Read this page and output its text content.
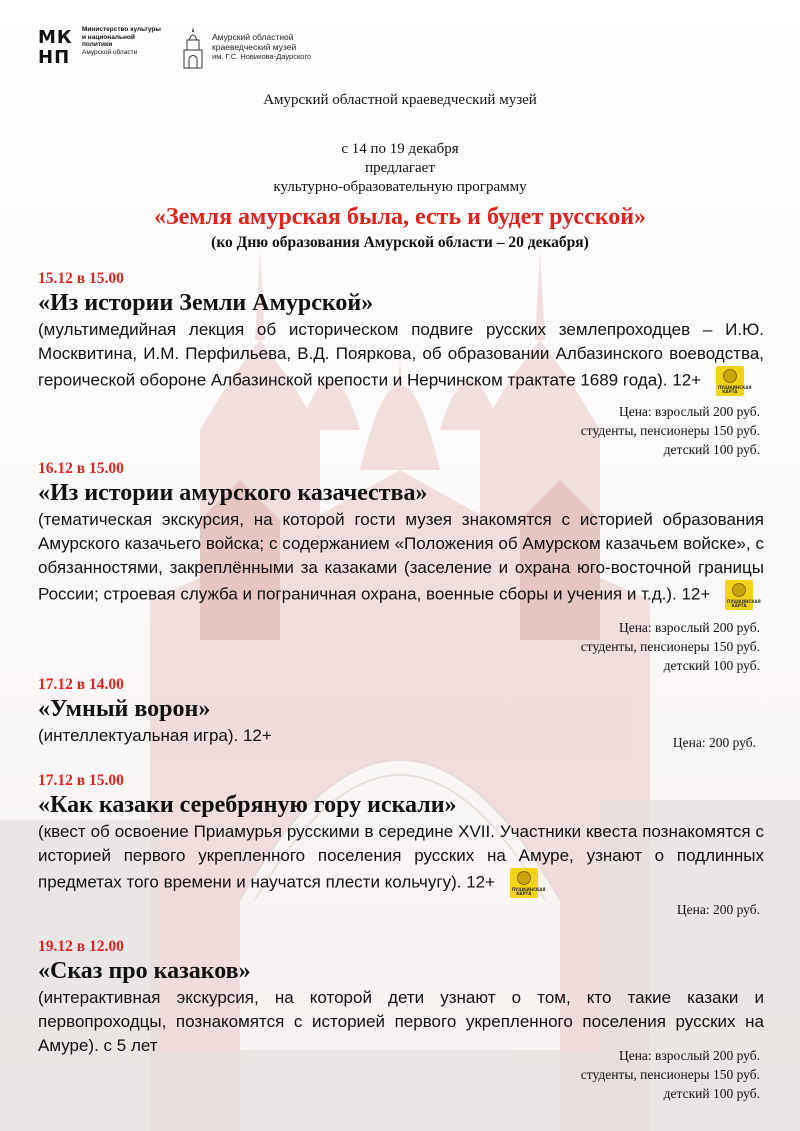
МК
НП
Министерство культуры и национальной политики
Амурской области
Амурский областной краеведческий музей
им. Г.С. Новикова-Даурского
Амурский областной краеведческий музей
с 14 по 19 декабря
предлагает
культурно-образовательную программу
«Земля амурская была, есть и будет русской»
(ко Дню образования Амурской области – 20 декабря)
15.12 в 15.00
«Из истории Земли Амурской»
(мультимедийная лекция об историческом подвиге русских землепроходцев – И.Ю. Москвитина, И.М. Перфильева, В.Д. Пояркова, об образовании Албазинского воеводства, героической обороне Албазинской крепости и Нерчинском трактате 1689 года). 12+	ПУШКИНСКАЯ КАРТА
Цена: взрослый 200 руб.
студенты, пенсионеры 150 руб.
детский 100 руб.
16.12 в 15.00
«Из истории амурского казачества»
(тематическая экскурсия, на которой гости музея знакомятся с историей образования Амурского казачьего войска; с содержанием «Положения об Амурском казачьем войске», с обязанностями, закреплёнными за казаками (заселение и охрана юго-восточной границы России; строевая служба и пограничная охрана, военные сборы и учения и т.д.). 12+	ПУШКИНСКАЯ КАРТА
Цена: взрослый 200 руб.
студенты, пенсионеры 150 руб.
детский 100 руб.
17.12 в 14.00
«Умный ворон»
(интеллектуальная игра). 12+	Цена: 200 руб.
17.12 в 15.00
«Как казаки серебряную гору искали»
(квест об освоение Приамурья русскими в середине XVII. Участники квеста познакомятся с историей первого укрепленного поселения русских на Амуре, узнают о подлинных предметах того времени и научатся плести кольчугу). 12+	ПУШКИНСКАЯ КАРТА
Цена: 200 руб.
19.12 в 12.00
«Сказ про казаков»
(интерактивная экскурсия, на которой дети узнают о том, кто такие казаки и первопроходцы, познакомятся с историей первого укрепленного поселения русских на Амуре). с 5 лет
Цена: взрослый 200 руб.
студенты, пенсионеры 150 руб.
детский 100 руб.
